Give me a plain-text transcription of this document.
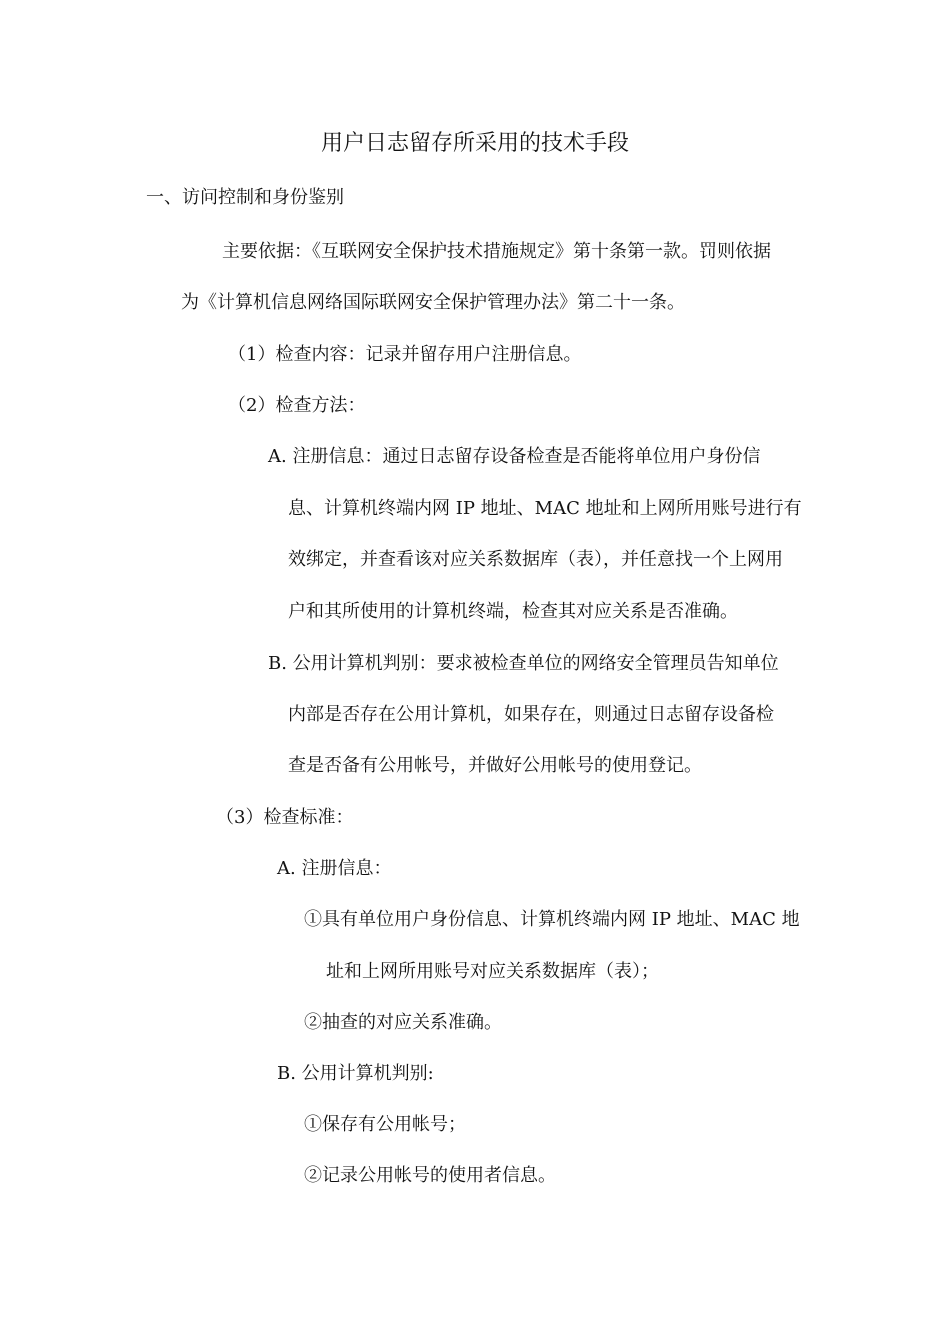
用户日志留存所采用的技术手段

一、访问控制和身份鉴别

主要依据：《互联网安全保护技术措施规定》第十条第一款。罚则依据

为《计算机信息网络国际联网安全保护管理办法》第二十一条。

（1）检查内容：记录并留存用户注册信息。

（2）检查方法：

A. 注册信息：通过日志留存设备检查是否能将单位用户身份信

息、计算机终端内网 IP 地址、MAC 地址和上网所用账号进行有

效绑定，并查看该对应关系数据库（表），并任意找一个上网用

户和其所使用的计算机终端，检查其对应关系是否准确。

B. 公用计算机判别：要求被检查单位的网络安全管理员告知单位

内部是否存在公用计算机，如果存在，则通过日志留存设备检

查是否备有公用帐号，并做好公用帐号的使用登记。

（3）检查标准：

A. 注册信息：

①具有单位用户身份信息、计算机终端内网 IP 地址、MAC 地

址和上网所用账号对应关系数据库（表）；

②抽查的对应关系准确。

B. 公用计算机判别:

①保存有公用帐号；

②记录公用帐号的使用者信息。
